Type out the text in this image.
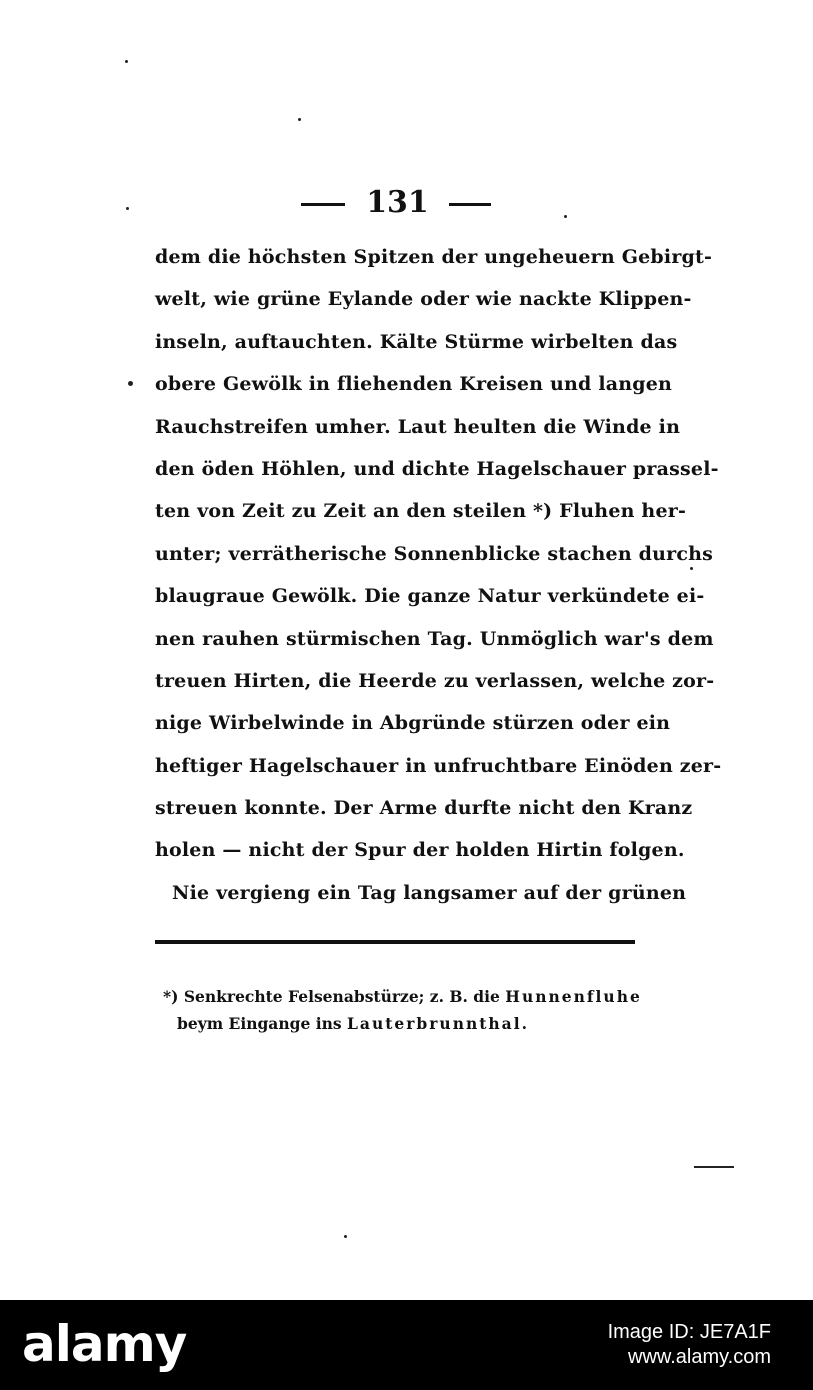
131
dem die höchsten Spitzen der ungeheuern Gebirgt-
welt, wie grüne Eylande oder wie nackte Klippen-
inseln, auftauchten. Kälte Stürme wirbelten das
obere Gewölk in fliehenden Kreisen und langen
Rauchstreifen umher. Laut heulten die Winde in
den öden Höhlen, und dichte Hagelschauer prassel-
ten von Zeit zu Zeit an den steilen *) Fluhen her-
unter; verrätherische Sonnenblicke stachen durchs
blaugraue Gewölk. Die ganze Natur verkündete ei-
nen rauhen stürmischen Tag. Unmöglich war's dem
treuen Hirten, die Heerde zu verlassen, welche zor-
nige Wirbelwinde in Abgründe stürzen oder ein
heftiger Hagelschauer in unfruchtbare Einöden zer-
streuen konnte. Der Arme durfte nicht den Kranz
holen — nicht der Spur der holden Hirtin folgen.
Nie vergieng ein Tag langsamer auf der grünen
*) Senkrechte Felsenabstürze; z. B. die Hunnenfluhe
beym Eingange ins Lauterbrunnthal.
alamy	Image ID: JE7A1F
www.alamy.com
